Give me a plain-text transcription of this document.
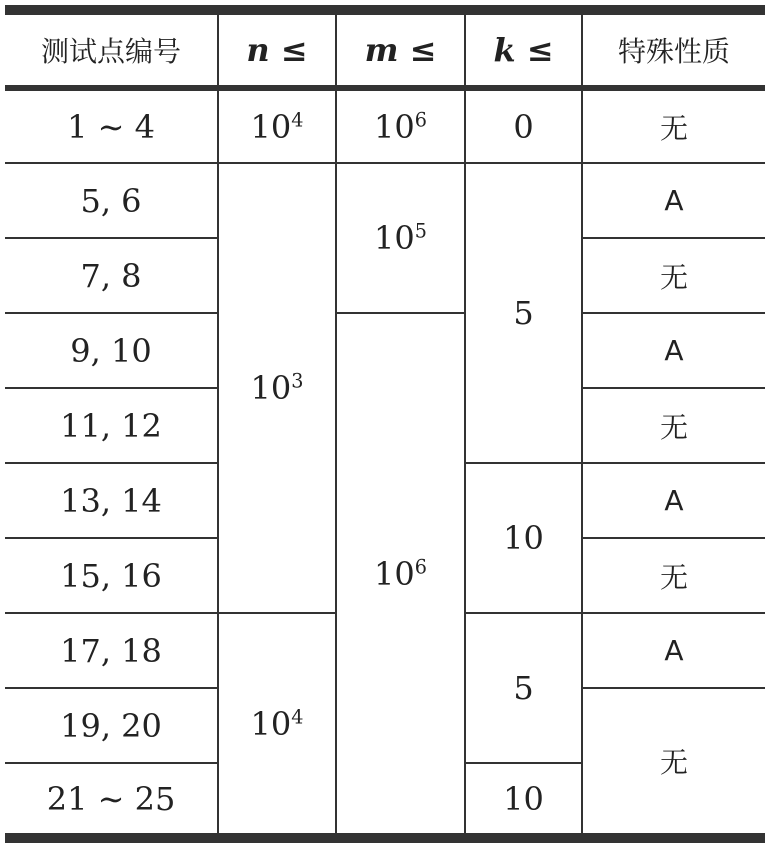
测试点编号	n ≤	m ≤	k ≤	特殊性质
1 ∼ 4	$10^4$	$10^6$	0	无
5, 6	$10^3$	$10^5$	5	A
7, 8				无
9, 10		$10^6$		A
11, 12				无
13, 14			10	A
15, 16				无
17, 18	$10^4$		5	A
19, 20				无
21 ∼ 25			10	
